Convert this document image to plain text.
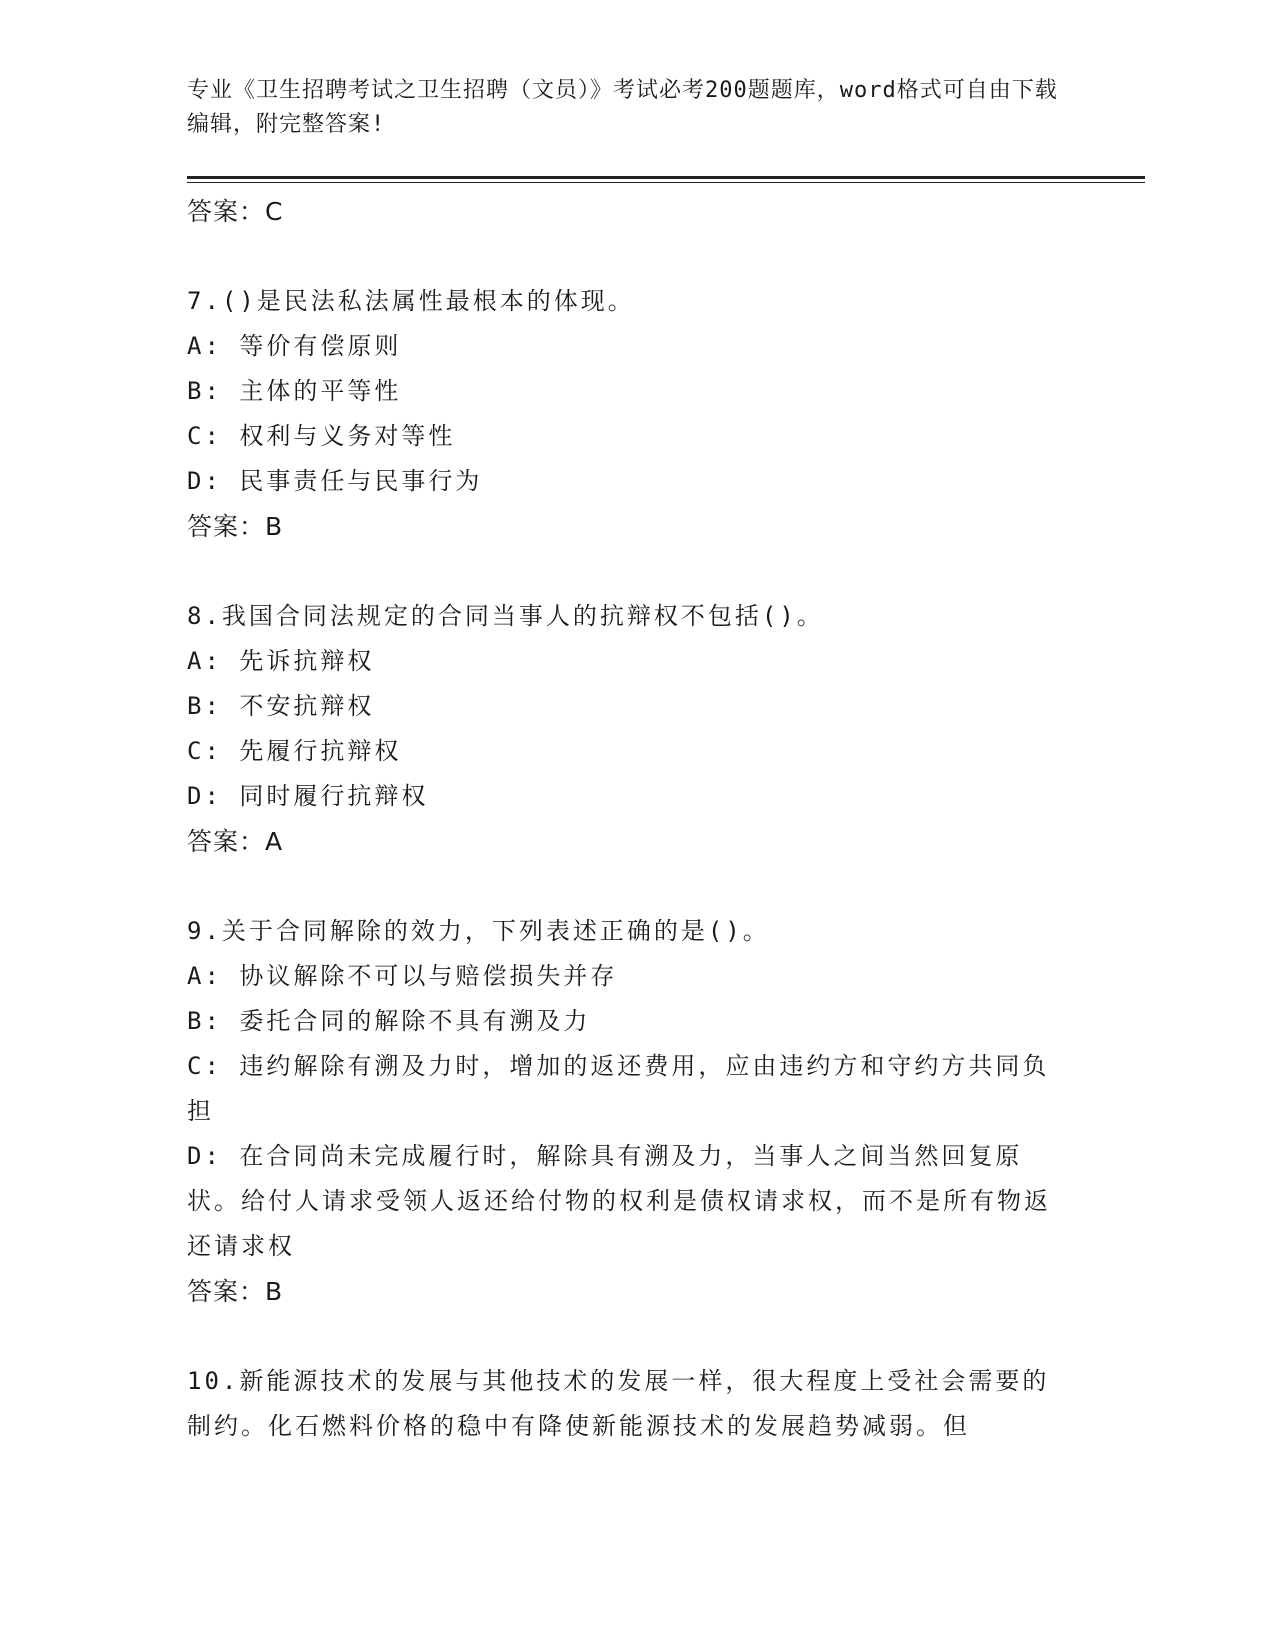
专业《卫生招聘考试之卫生招聘（文员）》考试必考200题题库，word格式可自由下载编辑，附完整答案!

答案：C

7.()是民法私法属性最根本的体现。

A: 等价有偿原则

B: 主体的平等性

C: 权利与义务对等性

D: 民事责任与民事行为

答案：B

8.我国合同法规定的合同当事人的抗辩权不包括()。

A: 先诉抗辩权

B: 不安抗辩权

C: 先履行抗辩权

D: 同时履行抗辩权

答案：A

9.关于合同解除的效力，下列表述正确的是()。

A: 协议解除不可以与赔偿损失并存

B: 委托合同的解除不具有溯及力

C: 违约解除有溯及力时，增加的返还费用，应由违约方和守约方共同负担

D: 在合同尚未完成履行时，解除具有溯及力，当事人之间当然回复原状。给付人请求受领人返还给付物的权利是债权请求权，而不是所有物返还请求权

答案：B

10.新能源技术的发展与其他技术的发展一样，很大程度上受社会需要的制约。化石燃料价格的稳中有降使新能源技术的发展趋势减弱。但
